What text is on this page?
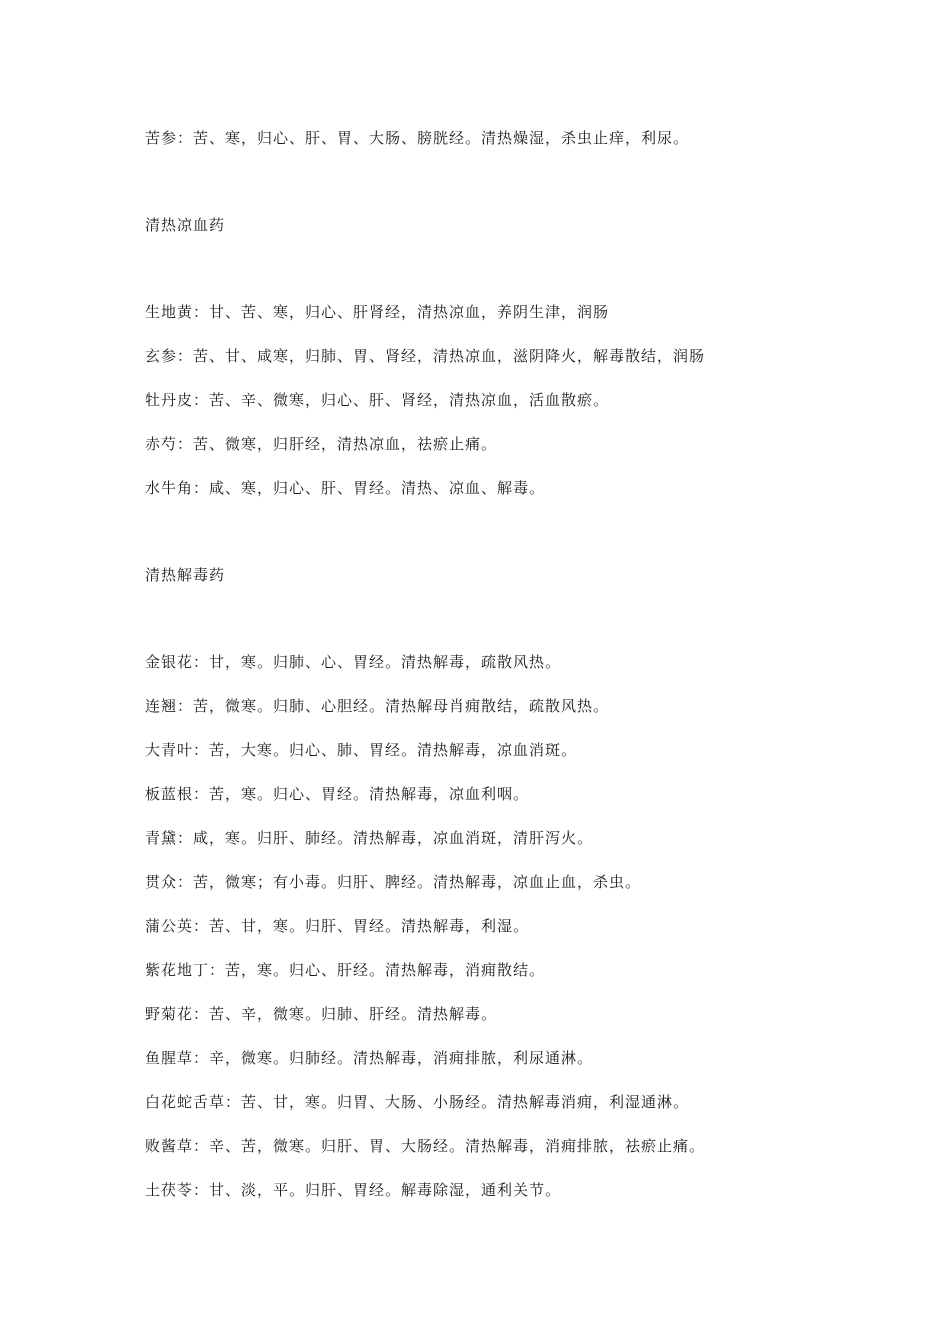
苦参：苦、寒，归心、肝、胃、大肠、膀胱经。清热燥湿，杀虫止痒，利尿。
清热凉血药
生地黄：甘、苦、寒，归心、肝肾经，清热凉血，养阴生津，润肠
玄参：苦、甘、咸寒，归肺、胃、肾经，清热凉血，滋阴降火，解毒散结，润肠
牡丹皮：苦、辛、微寒，归心、肝、肾经，清热凉血，活血散瘀。
赤芍：苦、微寒，归肝经，清热凉血，祛瘀止痛。
水牛角：咸、寒，归心、肝、胃经。清热、凉血、解毒。
清热解毒药
金银花：甘，寒。归肺、心、胃经。清热解毒，疏散风热。
连翘：苦，微寒。归肺、心胆经。清热解母肖痈散结，疏散风热。
大青叶：苦，大寒。归心、肺、胃经。清热解毒，凉血消斑。
板蓝根：苦，寒。归心、胃经。清热解毒，凉血利咽。
青黛：咸，寒。归肝、肺经。清热解毒，凉血消斑，清肝泻火。
贯众：苦，微寒；有小毒。归肝、脾经。清热解毒，凉血止血，杀虫。
蒲公英：苦、甘，寒。归肝、胃经。清热解毒，利湿。
紫花地丁：苦，寒。归心、肝经。清热解毒，消痈散结。
野菊花：苦、辛，微寒。归肺、肝经。清热解毒。
鱼腥草：辛，微寒。归肺经。清热解毒，消痈排脓，利尿通淋。
白花蛇舌草：苦、甘，寒。归胃、大肠、小肠经。清热解毒消痈，利湿通淋。
败酱草：辛、苦，微寒。归肝、胃、大肠经。清热解毒，消痈排脓，祛瘀止痛。
土茯苓：甘、淡，平。归肝、胃经。解毒除湿，通利关节。
